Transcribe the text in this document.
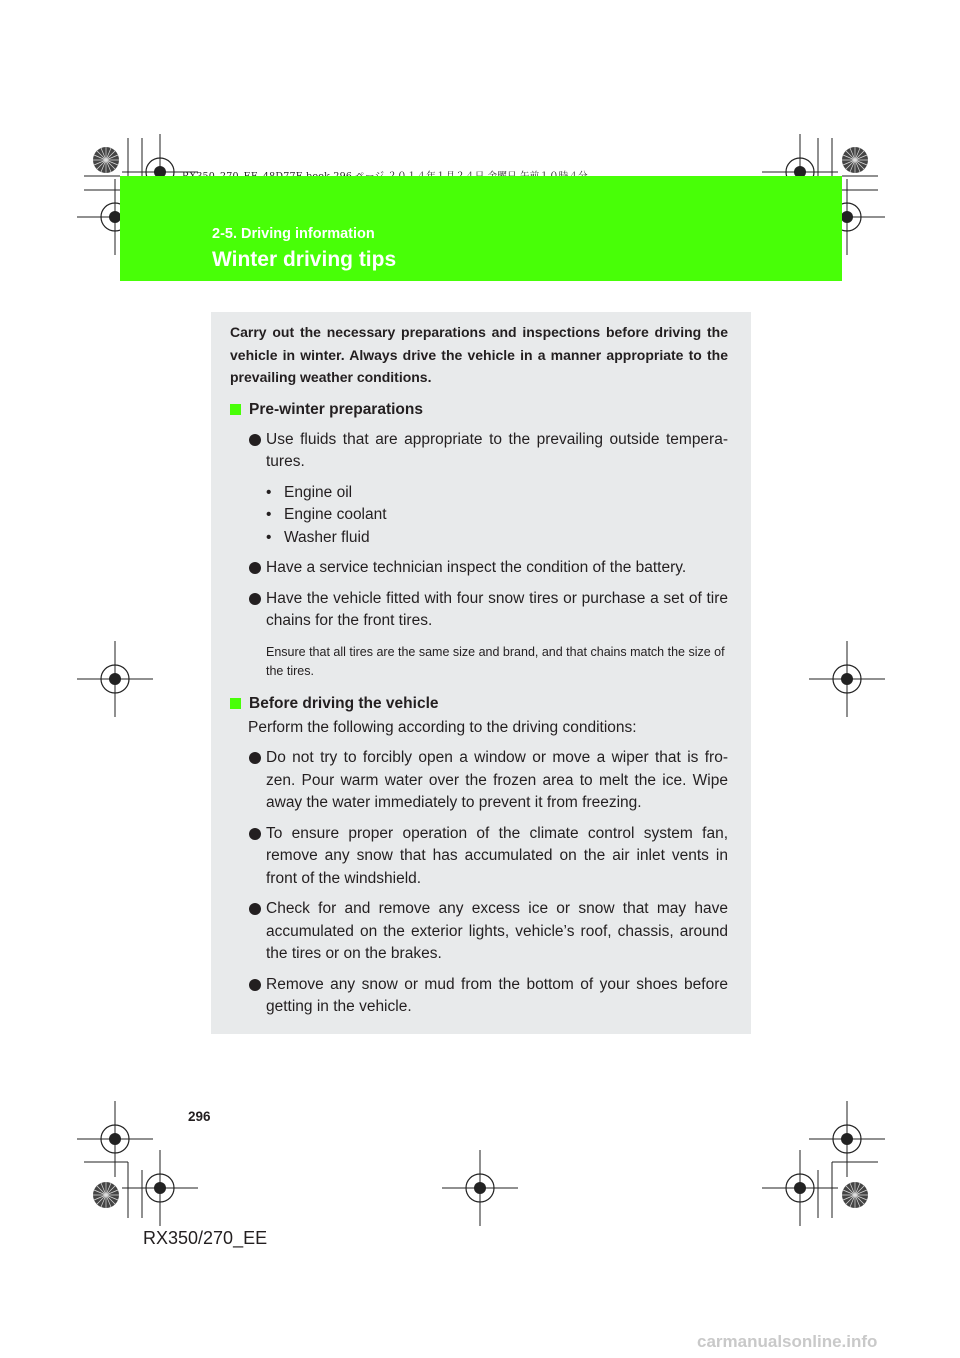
2-5. Driving information
Winter driving tips

Carry out the necessary preparations and inspections before driving the vehicle in winter. Always drive the vehicle in a manner appropriate to the prevailing weather conditions.

Pre-winter preparations
Use fluids that are appropriate to the prevailing outside tempera-tures.
• Engine oil
• Engine coolant
• Washer fluid
Have a service technician inspect the condition of the battery.
Have the vehicle fitted with four snow tires or purchase a set of tire chains for the front tires.

Ensure that all tires are the same size and brand, and that chains match the size of the tires.

Before driving the vehicle

Perform the following according to the driving conditions:

Do not try to forcibly open a window or move a wiper that is fro-zen. Pour warm water over the frozen area to melt the ice. Wipe away the water immediately to prevent it from freezing.
To ensure proper operation of the climate control system fan, remove any snow that has accumulated on the air inlet vents in front of the windshield.
Check for and remove any excess ice or snow that may have accumulated on the exterior lights, vehicle’s roof, chassis, around the tires or on the brakes.
Remove any snow or mud from the bottom of your shoes before getting in the vehicle.
296
RX350/270_EE
carmanualsonline.info
